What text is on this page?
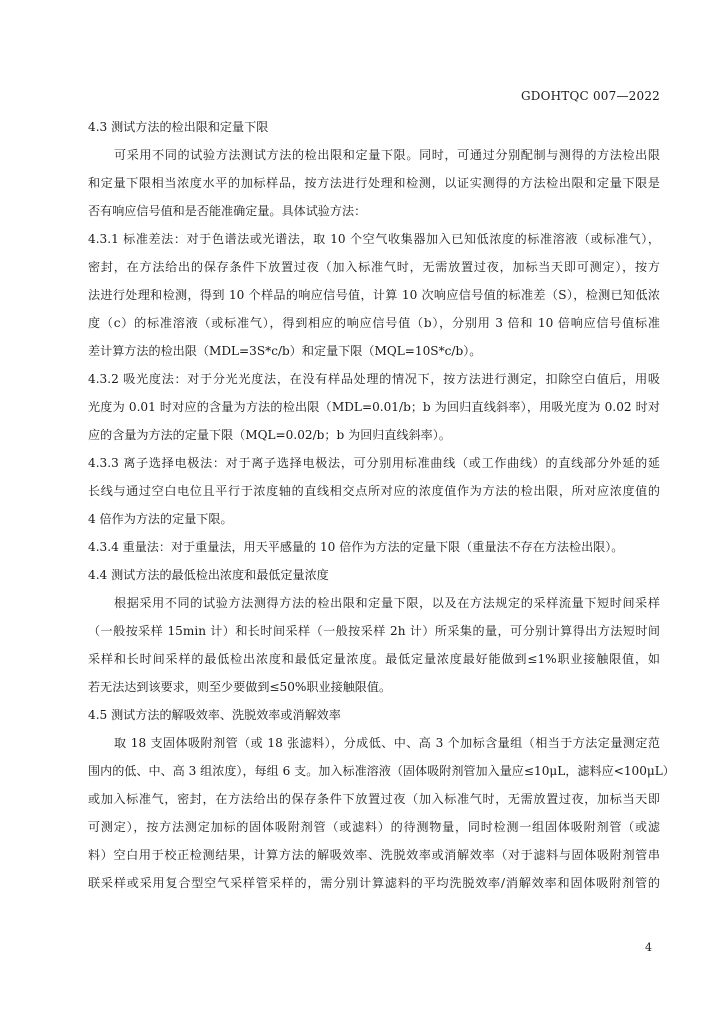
GDOHTQC 007—2022
4.3 测试方法的检出限和定量下限
可采用不同的试验方法测试方法的检出限和定量下限。同时，可通过分别配制与测得的方法检出限
和定量下限相当浓度水平的加标样品，按方法进行处理和检测，以证实测得的方法检出限和定量下限是
否有响应信号值和是否能准确定量。具体试验方法：
4.3.1 标准差法：对于色谱法或光谱法，取 10 个空气收集器加入已知低浓度的标准溶液（或标准气），
密封，在方法给出的保存条件下放置过夜（加入标准气时，无需放置过夜，加标当天即可测定），按方
法进行处理和检测，得到 10 个样品的响应信号值，计算 10 次响应信号值的标准差（S），检测已知低浓
度（c）的标准溶液（或标准气），得到相应的响应信号值（b），分别用 3 倍和 10 倍响应信号值标准
差计算方法的检出限（MDL=3S*c/b）和定量下限（MQL=10S*c/b）。
4.3.2 吸光度法：对于分光光度法，在没有样品处理的情况下，按方法进行测定，扣除空白值后，用吸
光度为 0.01 时对应的含量为方法的检出限（MDL=0.01/b；b 为回归直线斜率），用吸光度为 0.02 时对
应的含量为方法的定量下限（MQL=0.02/b；b 为回归直线斜率）。
4.3.3 离子选择电极法：对于离子选择电极法，可分别用标准曲线（或工作曲线）的直线部分外延的延
长线与通过空白电位且平行于浓度轴的直线相交点所对应的浓度值作为方法的检出限，所对应浓度值的
4 倍作为方法的定量下限。
4.3.4 重量法：对于重量法，用天平感量的 10 倍作为方法的定量下限（重量法不存在方法检出限）。
4.4 测试方法的最低检出浓度和最低定量浓度
根据采用不同的试验方法测得方法的检出限和定量下限，以及在方法规定的采样流量下短时间采样
（一般按采样 15min 计）和长时间采样（一般按采样 2h 计）所采集的量，可分别计算得出方法短时间
采样和长时间采样的最低检出浓度和最低定量浓度。最低定量浓度最好能做到≤1%职业接触限值，如
若无法达到该要求，则至少要做到≤50%职业接触限值。
4.5 测试方法的解吸效率、洗脱效率或消解效率
取 18 支固体吸附剂管（或 18 张滤料），分成低、中、高 3 个加标含量组（相当于方法定量测定范
围内的低、中、高 3 组浓度），每组 6 支。加入标准溶液（固体吸附剂管加入量应≤10μL，滤料应<100μL）
或加入标准气，密封，在方法给出的保存条件下放置过夜（加入标准气时，无需放置过夜，加标当天即
可测定），按方法测定加标的固体吸附剂管（或滤料）的待测物量，同时检测一组固体吸附剂管（或滤
料）空白用于校正检测结果，计算方法的解吸效率、洗脱效率或消解效率（对于滤料与固体吸附剂管串
联采样或采用复合型空气采样管采样的，需分别计算滤料的平均洗脱效率/消解效率和固体吸附剂管的
4
